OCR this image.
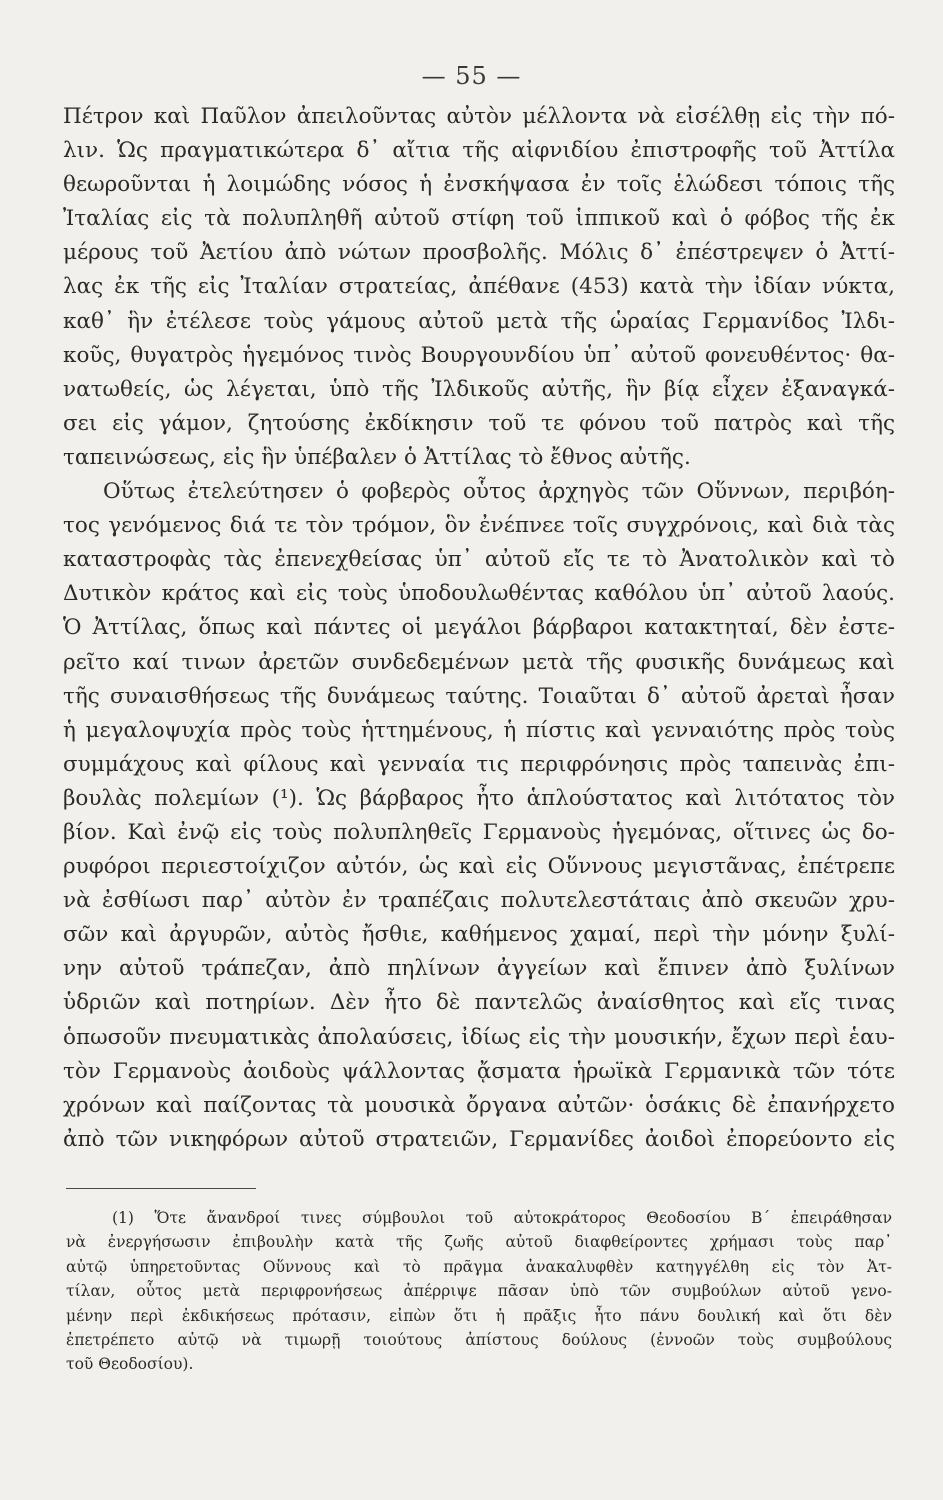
— 55 —
Πέτρον καὶ Παῦλον ἀπειλοῦντας αὐτὸν μέλλοντα νὰ εἰσέλθῃ εἰς τὴν πό-
λιν. Ὡς πραγματικώτερα δ᾽ αἴτια τῆς αἰφνιδίου ἐπιστροφῆς τοῦ Ἀττίλα
θεωροῦνται ἡ λοιμώδης νόσος ἡ ἐνσκήψασα ἐν τοῖς ἑλώδεσι τόποις τῆς
Ἰταλίας εἰς τὰ πολυπληθῆ αὐτοῦ στίφη τοῦ ἱππικοῦ καὶ ὁ φόβος τῆς ἐκ
μέρους τοῦ Ἀετίου ἀπὸ νώτων προσβολῆς. Μόλις δ᾽ ἐπέστρεψεν ὁ Ἀττί-
λας ἐκ τῆς εἰς Ἰταλίαν στρατείας, ἀπέθανε (453) κατὰ τὴν ἰδίαν νύκτα,
καθ᾽ ἣν ἐτέλεσε τοὺς γάμους αὐτοῦ μετὰ τῆς ὡραίας Γερμανίδος Ἰλδι-
κοῦς, θυγατρὸς ἡγεμόνος τινὸς Βουργουνδίου ὑπ᾽ αὐτοῦ φονευθέντος· θα-
νατωθείς, ὡς λέγεται, ὑπὸ τῆς Ἰλδικοῦς αὐτῆς, ἣν βίᾳ εἶχεν ἐξαναγκά-
σει εἰς γάμον, ζητούσης ἐκδίκησιν τοῦ τε φόνου τοῦ πατρὸς καὶ τῆς
ταπεινώσεως, εἰς ἣν ὑπέβαλεν ὁ Ἀττίλας τὸ ἔθνος αὐτῆς.
Οὕτως ἐτελεύτησεν ὁ φοβερὸς οὗτος ἀρχηγὸς τῶν Οὕννων, περιβόη-
τος γενόμενος διά τε τὸν τρόμον, ὃν ἐνέπνεε τοῖς συγχρόνοις, καὶ διὰ τὰς
καταστροφὰς τὰς ἐπενεχθείσας ὑπ᾽ αὐτοῦ εἴς τε τὸ Ἀνατολικὸν καὶ τὸ
Δυτικὸν κράτος καὶ εἰς τοὺς ὑποδουλωθέντας καθόλου ὑπ᾽ αὐτοῦ λαούς.
Ὁ Ἀττίλας, ὅπως καὶ πάντες οἱ μεγάλοι βάρβαροι κατακτηταί, δὲν ἐστε-
ρεῖτο καί τινων ἀρετῶν συνδεδεμένων μετὰ τῆς φυσικῆς δυνάμεως καὶ
τῆς συναισθήσεως τῆς δυνάμεως ταύτης. Τοιαῦται δ᾽ αὐτοῦ ἀρεταὶ ἦσαν
ἡ μεγαλοψυχία πρὸς τοὺς ἡττημένους, ἡ πίστις καὶ γενναιότης πρὸς τοὺς
συμμάχους καὶ φίλους καὶ γενναία τις περιφρόνησις πρὸς ταπεινὰς ἐπι-
βουλὰς πολεμίων (¹). Ὡς βάρβαρος ἦτο ἁπλούστατος καὶ λιτότατος τὸν
βίον. Καὶ ἐνῷ εἰς τοὺς πολυπληθεῖς Γερμανοὺς ἡγεμόνας, οἵτινες ὡς δο-
ρυφόροι περιεστοίχιζον αὐτόν, ὡς καὶ εἰς Οὕννους μεγιστᾶνας, ἐπέτρεπε
νὰ ἐσθίωσι παρ᾽ αὐτὸν ἐν τραπέζαις πολυτελεστάταις ἀπὸ σκευῶν χρυ-
σῶν καὶ ἀργυρῶν, αὐτὸς ἤσθιε, καθήμενος χαμαί, περὶ τὴν μόνην ξυλί-
νην αὐτοῦ τράπεζαν, ἀπὸ πηλίνων ἀγγείων καὶ ἔπινεν ἀπὸ ξυλίνων
ὑδριῶν καὶ ποτηρίων. Δὲν ἦτο δὲ παντελῶς ἀναίσθητος καὶ εἴς τινας
ὁπωσοῦν πνευματικὰς ἀπολαύσεις, ἰδίως εἰς τὴν μουσικήν, ἔχων περὶ ἑαυ-
τὸν Γερμανοὺς ἀοιδοὺς ψάλλοντας ᾄσματα ἡρωϊκὰ Γερμανικὰ τῶν τότε
χρόνων καὶ παίζοντας τὰ μουσικὰ ὄργανα αὐτῶν· ὁσάκις δὲ ἐπανήρχετο
ἀπὸ τῶν νικηφόρων αὐτοῦ στρατειῶν, Γερμανίδες ἀοιδοὶ ἐπορεύοντο εἰς
(1) Ὅτε ἄνανδροί τινες σύμβουλοι τοῦ αὐτοκράτορος Θεοδοσίου Β΄ ἐπειράθησαν
νὰ ἐνεργήσωσιν ἐπιβουλὴν κατὰ τῆς ζωῆς αὐτοῦ διαφθείροντες χρήμασι τοὺς παρ᾽
αὐτῷ ὑπηρετοῦντας Οὕννους καὶ τὸ πρᾶγμα ἀνακαλυφθὲν κατηγγέλθη εἰς τὸν Ἀτ-
τίλαν, οὗτος μετὰ περιφρονήσεως ἀπέρριψε πᾶσαν ὑπὸ τῶν συμβούλων αὐτοῦ γενο-
μένην περὶ ἐκδικήσεως πρότασιν, εἰπὼν ὅτι ἡ πρᾶξις ἦτο πάνυ δουλική καὶ ὅτι δὲν
ἐπετρέπετο αὐτῷ νὰ τιμωρῇ τοιούτους ἀπίστους δούλους (ἐννοῶν τοὺς συμβούλους
τοῦ Θεοδοσίου).
